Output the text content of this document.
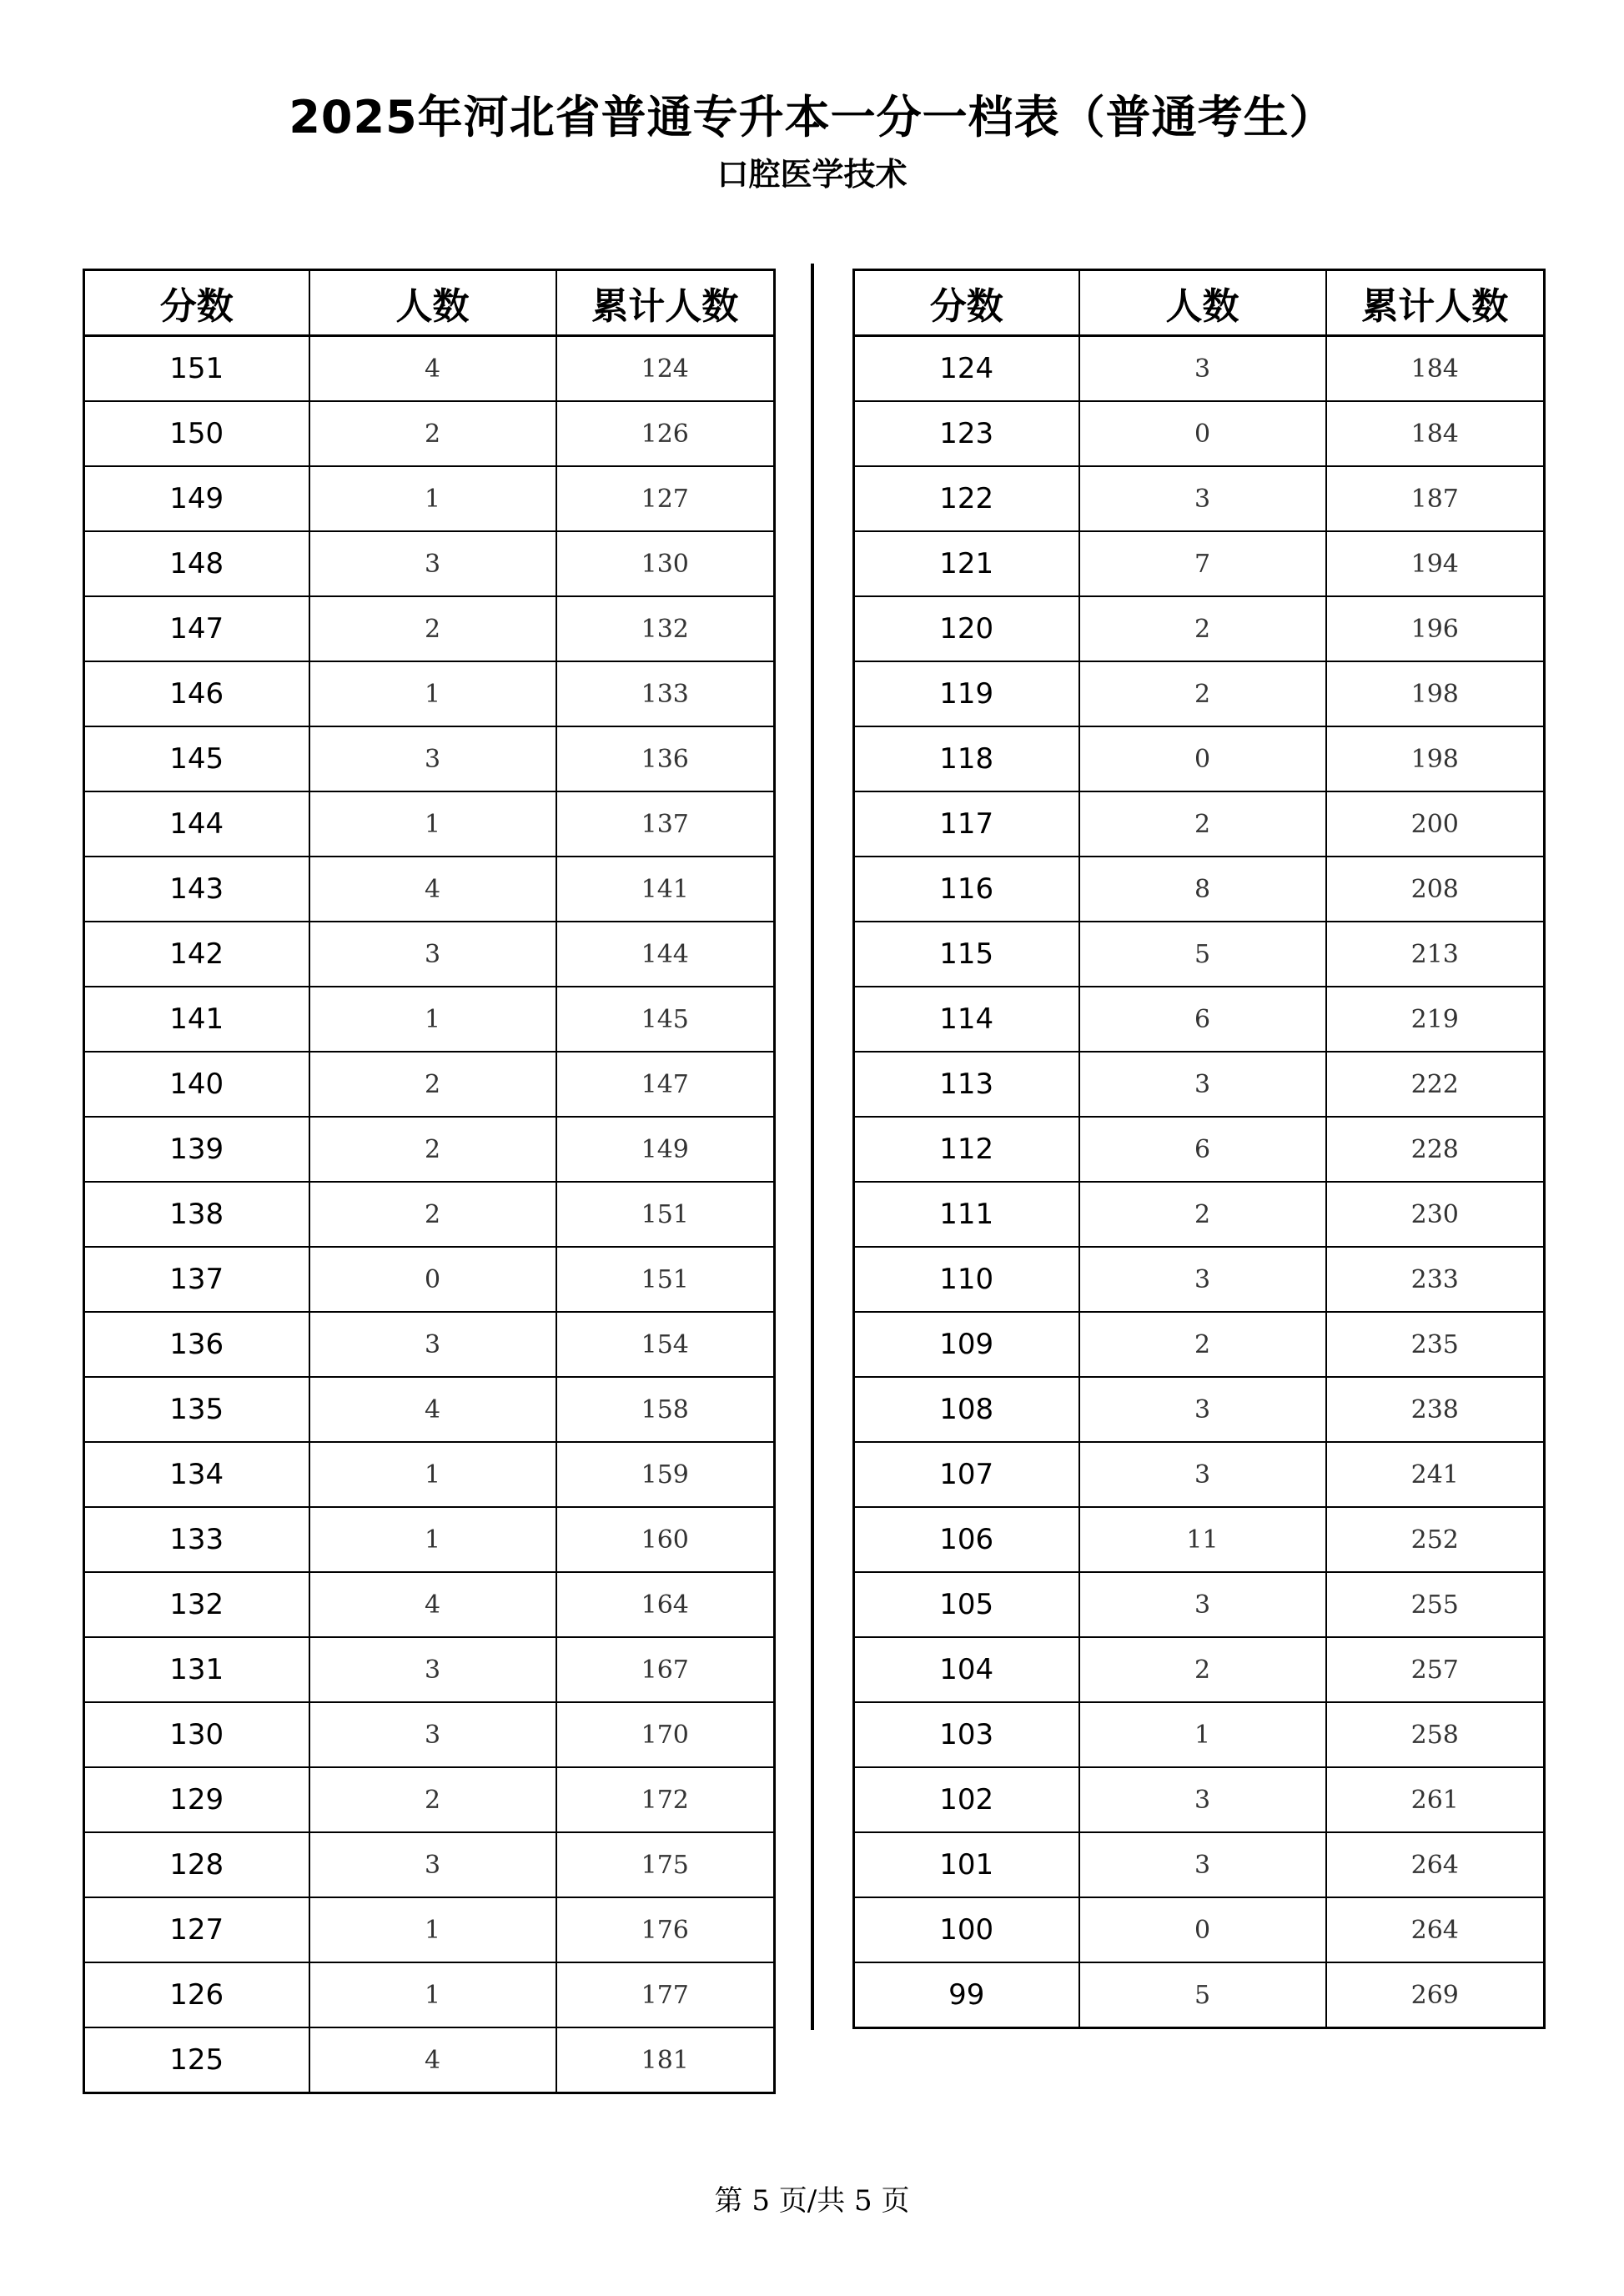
2025年河北省普通专升本一分一档表（普通考生）
口腔医学技术
分数	人数	累计人数
151	4	124
150	2	126
149	1	127
148	3	130
147	2	132
146	1	133
145	3	136
144	1	137
143	4	141
142	3	144
141	1	145
140	2	147
139	2	149
138	2	151
137	0	151
136	3	154
135	4	158
134	1	159
133	1	160
132	4	164
131	3	167
130	3	170
129	2	172
128	3	175
127	1	176
126	1	177
125	4	181
分数	人数	累计人数
124	3	184
123	0	184
122	3	187
121	7	194
120	2	196
119	2	198
118	0	198
117	2	200
116	8	208
115	5	213
114	6	219
113	3	222
112	6	228
111	2	230
110	3	233
109	2	235
108	3	238
107	3	241
106	11	252
105	3	255
104	2	257
103	1	258
102	3	261
101	3	264
100	0	264
99	5	269
第 5 页/共 5 页
